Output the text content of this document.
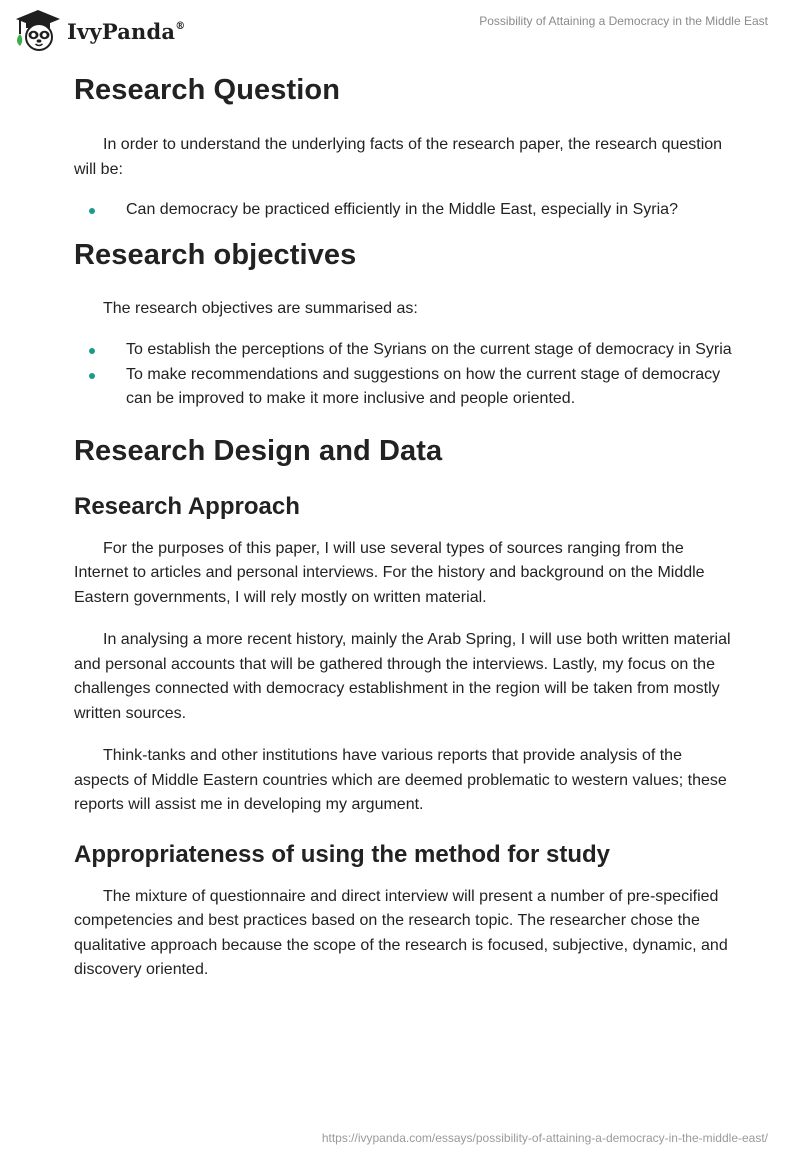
IvyPanda®	Possibility of Attaining a Democracy in the Middle East
Research Question

In order to understand the underlying facts of the research paper, the research question will be:

Can democracy be practiced efficiently in the Middle East, especially in Syria?
Research objectives

The research objectives are summarised as:

To establish the perceptions of the Syrians on the current stage of democracy in Syria
To make recommendations and suggestions on how the current stage of democracy can be improved to make it more inclusive and people oriented.
Research Design and Data
Research Approach

For the purposes of this paper, I will use several types of sources ranging from the Internet to articles and personal interviews. For the history and background on the Middle Eastern governments, I will rely mostly on written material.

In analysing a more recent history, mainly the Arab Spring, I will use both written material and personal accounts that will be gathered through the interviews. Lastly, my focus on the challenges connected with democracy establishment in the region will be taken from mostly written sources.

Think-tanks and other institutions have various reports that provide analysis of the aspects of Middle Eastern countries which are deemed problematic to western values; these reports will assist me in developing my argument.

Appropriateness of using the method for study

The mixture of questionnaire and direct interview will present a number of pre-specified competencies and best practices based on the research topic. The researcher chose the qualitative approach because the scope of the research is focused, subjective, dynamic, and discovery oriented.

https://ivypanda.com/essays/possibility-of-attaining-a-democracy-in-the-middle-east/
